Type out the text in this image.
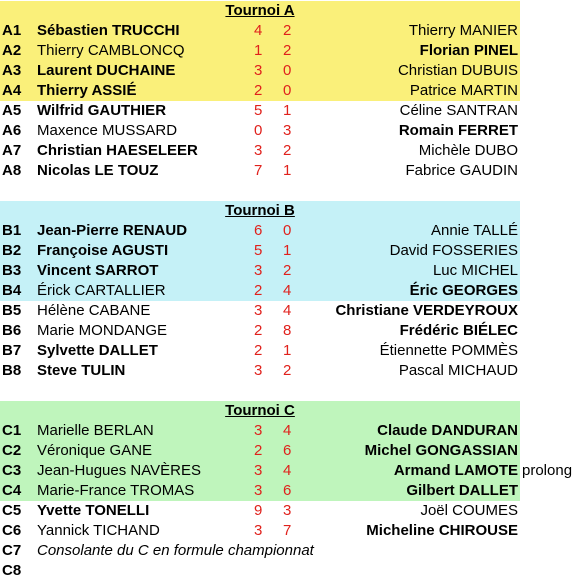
Tournoi A
A1 Sébastien TRUCCHI	4 2	Thierry MANIER
A2 Thierry CAMBLONCQ	1 2	Florian PINEL
A3 Laurent DUCHAINE	3 0	Christian DUBUIS
A4 Thierry ASSIÉ	2 0	Patrice MARTIN
A5 Wilfrid GAUTHIER	5 1	Céline SANTRAN
A6 Maxence MUSSARD	0 3	Romain FERRET
A7 Christian HAESELEER	3 2	Michèle DUBO
A8 Nicolas LE TOUZ	7 1	Fabrice GAUDIN
Tournoi B
B1 Jean-Pierre RENAUD	6 0	Annie TALLÉ
B2 Françoise AGUSTI	5 1	David FOSSERIES
B3 Vincent SARROT	3 2	Luc MICHEL
B4 Érick CARTALLIER	2 4	Éric GEORGES
B5 Hélène CABANE	3 4	Christiane VERDEYROUX
B6 Marie MONDANGE	2 8	Frédéric BIÉLEC
B7 Sylvette DALLET	2 1	Étiennette POMMÈS
B8 Steve TULIN	3 2	Pascal MICHAUD
Tournoi C
C1 Marielle BERLAN	3 4	Claude DANDURAN
C2 Véronique GANE	2 6	Michel GONGASSIAN
C3 Jean-Hugues NAVÈRES	3 4	Armand LAMOTE prolong
C4 Marie-France TROMAS	3 6	Gilbert DALLET
C5 Yvette TONELLI	9 3	Joël COUMES
C6 Yannick TICHAND	3 7	Micheline CHIROUSE
C7 Consolante du C en formule championnat
C8
